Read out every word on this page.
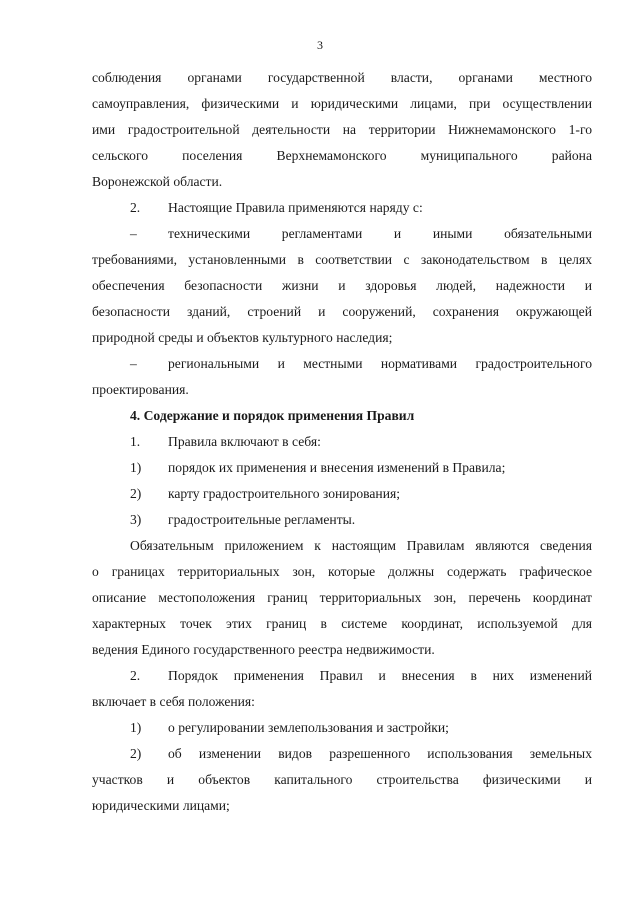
3
соблюдения органами государственной власти, органами местного
самоуправления, физическими и юридическими лицами, при осуществлении
ими градостроительной деятельности на территории Нижнемамонского 1-го
сельского поселения Верхнемамонского муниципального района
Воронежской области.
2. Настоящие Правила применяются наряду с:
– техническими регламентами и иными обязательными
требованиями, установленными в соответствии с законодательством в целях
обеспечения безопасности жизни и здоровья людей, надежности и
безопасности зданий, строений и сооружений, сохранения окружающей
природной среды и объектов культурного наследия;
– региональными и местными нормативами градостроительного
проектирования.
4. Содержание и порядок применения Правил
1. Правила включают в себя:
1) порядок их применения и внесения изменений в Правила;
2) карту градостроительного зонирования;
3) градостроительные регламенты.
Обязательным приложением к настоящим Правилам являются сведения
о границах территориальных зон, которые должны содержать графическое
описание местоположения границ территориальных зон, перечень координат
характерных точек этих границ в системе координат, используемой для
ведения Единого государственного реестра недвижимости.
2. Порядок применения Правил и внесения в них изменений
включает в себя положения:
1) о регулировании землепользования и застройки;
2) об изменении видов разрешенного использования земельных
участков и объектов капитального строительства физическими и
юридическими лицами;
